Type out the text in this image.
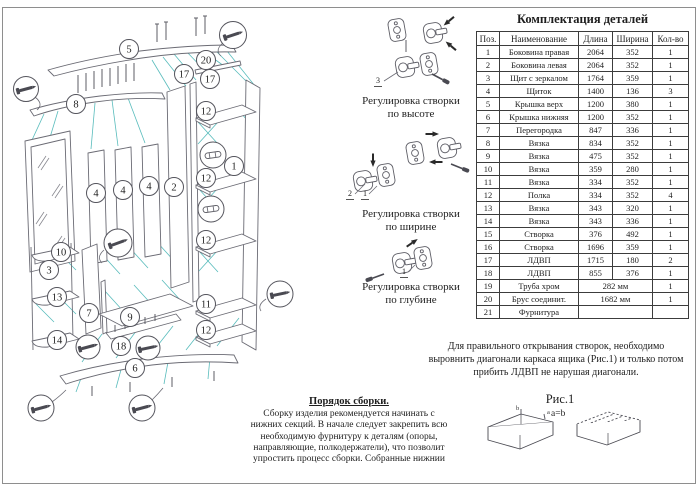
b
a
5
20
17 17
8
12
1
12
4 4 4 2
12
10
3
13
11
7	9
12
14
18
6
Комплектация деталей
Поз.	Наименование	Длина	Ширина	Кол-во
1	Боковина правая	2064	352	1
2	Боковина левая	2064	352	1
3	Щит с зеркалом	1764	359	1
4	Щиток	1400	136	3
5	Крышка верх	1200	380	1
6	Крышка нижняя	1200	352	1
7	Перегородка	847	336	1
8	Вязка	834	352	1
9	Вязка	475	352	1
10	Вязка	359	280	1
11	Вязка	334	352	1
12	Полка	334	352	4
13	Вязка	343	320	1
14	Вязка	343	336	1
15	Створка	376	492	1
16	Створка	1696	359	1
17	ЛДВП	1715	180	2
18	ЛДВП	855	376	1
19	Труба хром	282 мм		1
20	Брус соединит.	1682 мм		1
21	Фурнитура			
Регулировка створки
по высоте
Регулировка створки
по ширине
Регулировка створки
по глубине
3
2 1
1
Для правильного открывания створок, необходимо
выровнить диагонали каркаса ящика (Рис.1) и только потом
прибить ЛДВП не нарушая диагонали.
Рис.1
a=b
Порядок сборки.
Сборку изделия рекомендуется начинать с
нижних секций. В начале следует закрепить всю
необходимую фурнитуру к деталям (опоры,
направляющие, полкодержатели), что позволит
упростить процесс сборки. Собранные нижнии
